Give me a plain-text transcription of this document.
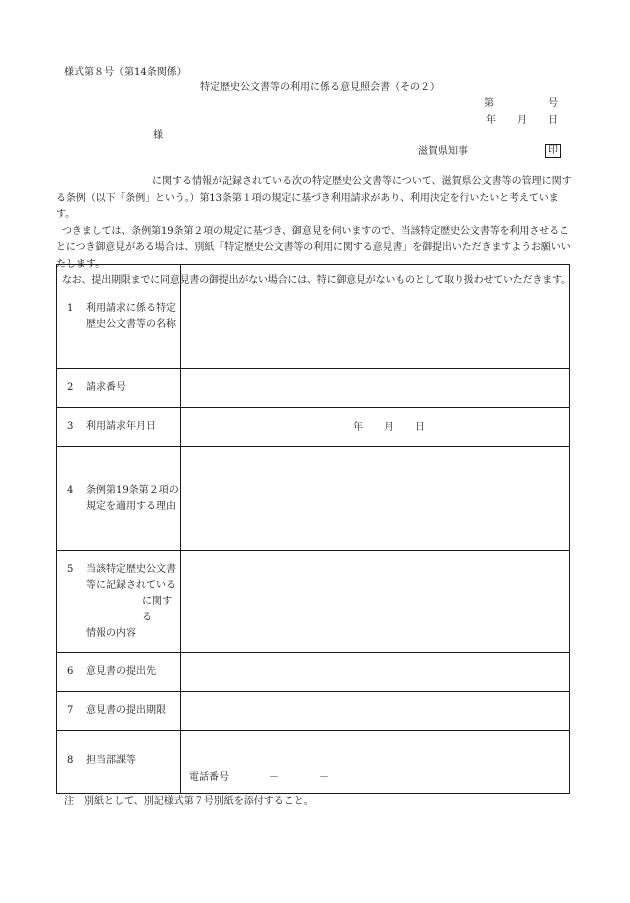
様式第８号（第14条関係）
特定歴史公文書等の利用に係る意見照会書（その２）
第	号
年 月 日
様
滋賀県知事	印

に関する情報が記録されている次の特定歴史公文書等について、滋賀県公文書等の管理に関す

る条例（以下「条例」という。）第13条第１項の規定に基づき利用請求があり、利用決定を行いたいと考えています。

つきましては、条例第19条第２項の規定に基づき、御意見を伺いますので、当該特定歴史公文書等を利用させるこ

とにつき御意見がある場合は、別紙「特定歴史公文書等の利用に関する意見書」を御提出いただきますようお願いい

たします。

なお、提出期限までに同意見書の御提出がない場合には、特に御意見がないものとして取り扱わせていただきます。

1 利用請求に係る特定
歴史公文書等の名称	

2 請求番号	

3 利用請求年月日	年 月 日

4 条例第19条第２項の
規定を適用する理由	

5 当該特定歴史公文書
等に記録されている
に関する
情報の内容	

6 意見書の提出先	

7 意見書の提出期限	

8 担当部課等	電話番号 － －
注　別紙として、別記様式第７号別紙を添付すること。
